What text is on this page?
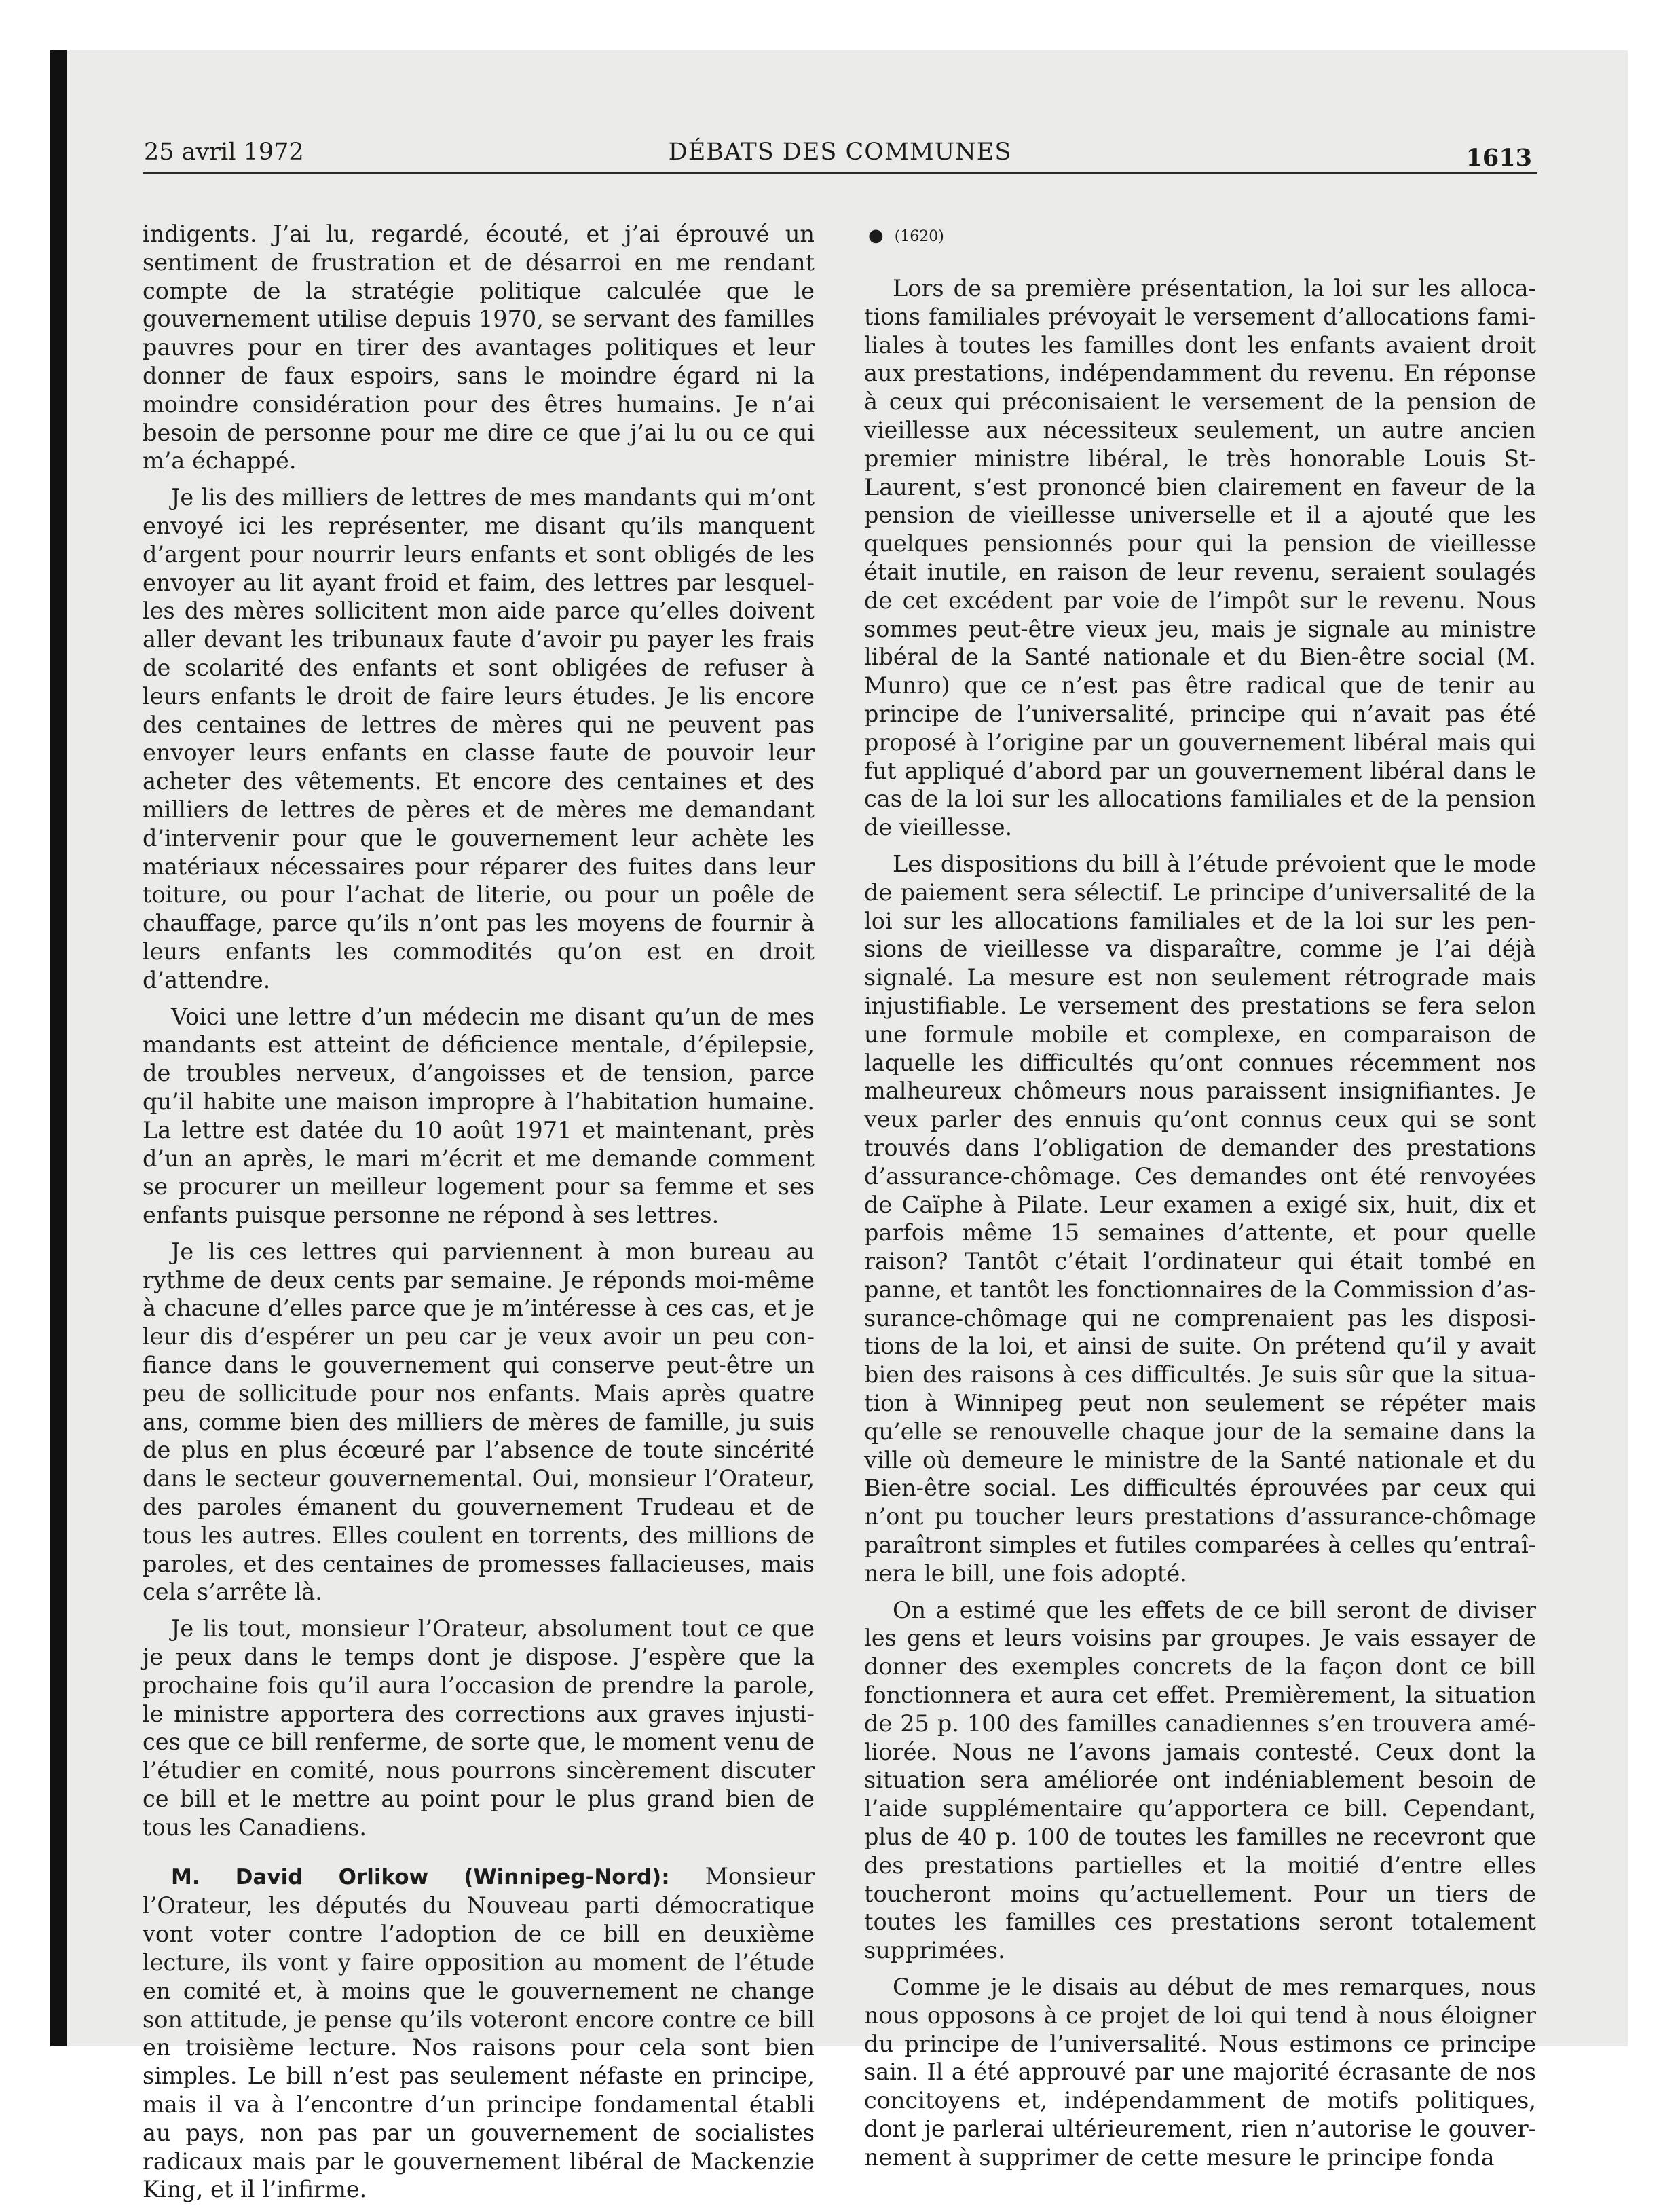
25 avril 1972	DÉBATS DES COMMUNES	1613

indigents. J’ai lu, regardé, écouté, et j’ai éprouvé un sentiment de frustration et de désarroi en me rendant compte de la stratégie politique calculée que le gouvernement utilise depuis 1970, se servant des familles pauvres pour en tirer des avantages politiques et leur donner de faux espoirs, sans le moindre égard ni la moindre considération pour des êtres humains. Je n’ai besoin de personne pour me dire ce que j’ai lu ou ce qui m’a échappé.

Je lis des milliers de lettres de mes mandants qui m’ont envoyé ici les représenter, me disant qu’ils manquent d’argent pour nourrir leurs enfants et sont obligés de les envoyer au lit ayant froid et faim, des lettres par lesquelles des mères sollicitent mon aide parce qu’elles doivent aller devant les tribunaux faute d’avoir pu payer les frais de scolarité des enfants et sont obligées de refuser à leurs enfants le droit de faire leurs études. Je lis encore des centaines de lettres de mères qui ne peuvent pas envoyer leurs enfants en classe faute de pouvoir leur acheter des vêtements. Et encore des centaines et des milliers de lettres de pères et de mères me demandant d’intervenir pour que le gouvernement leur achète les matériaux nécessaires pour réparer des fuites dans leur toiture, ou pour l’achat de literie, ou pour un poêle de chauffage, parce qu’ils n’ont pas les moyens de fournir à leurs enfants les commodités qu’on est en droit d’attendre.

Voici une lettre d’un médecin me disant qu’un de mes mandants est atteint de déficience mentale, d’épilepsie, de troubles nerveux, d’angoisses et de tension, parce qu’il habite une maison impropre à l’habitation humaine. La lettre est datée du 10 août 1971 et maintenant, près d’un an après, le mari m’écrit et me demande comment se procurer un meilleur logement pour sa femme et ses enfants puisque personne ne répond à ses lettres.

Je lis ces lettres qui parviennent à mon bureau au rythme de deux cents par semaine. Je réponds moi-même à chacune d’elles parce que je m’intéresse à ces cas, et je leur dis d’espérer un peu car je veux avoir un peu confiance dans le gouvernement qui conserve peut-être un peu de sollicitude pour nos enfants. Mais après quatre ans, comme bien des milliers de mères de famille, ju suis de plus en plus écœuré par l’absence de toute sincérité dans le secteur gouvernemental. Oui, monsieur l’Orateur, des paroles émanent du gouvernement Trudeau et de tous les autres. Elles coulent en torrents, des millions de paroles, et des centaines de promesses fallacieuses, mais cela s’arrête là.

Je lis tout, monsieur l’Orateur, absolument tout ce que je peux dans le temps dont je dispose. J’espère que la prochaine fois qu’il aura l’occasion de prendre la parole, le ministre apportera des corrections aux graves injustices que ce bill renferme, de sorte que, le moment venu de l’étudier en comité, nous pourrons sincèrement discuter ce bill et le mettre au point pour le plus grand bien de tous les Canadiens.

M. David Orlikow (Winnipeg-Nord): Monsieur l’Orateur, les députés du Nouveau parti démocratique vont voter contre l’adoption de ce bill en deuxième lecture, ils vont y faire opposition au moment de l’étude en comité et, à moins que le gouvernement ne change son attitude, je pense qu’ils voteront encore contre ce bill en troisième lecture. Nos raisons pour cela sont bien simples. Le bill n’est pas seulement néfaste en principe, mais il va à l’encontre d’un principe fondamental établi au pays, non pas par un gouvernement de socialistes radicaux mais par le gouvernement libéral de Mackenzie King, et il l’infirme.

● (1620)

Lors de sa première présentation, la loi sur les allocations familiales prévoyait le versement d’allocations familiales à toutes les familles dont les enfants avaient droit aux prestations, indépendamment du revenu. En réponse à ceux qui préconisaient le versement de la pension de vieillesse aux nécessiteux seulement, un autre ancien premier ministre libéral, le très honorable Louis St-Laurent, s’est prononcé bien clairement en faveur de la pension de vieillesse universelle et il a ajouté que les quelques pensionnés pour qui la pension de vieillesse était inutile, en raison de leur revenu, seraient soulagés de cet excédent par voie de l’impôt sur le revenu. Nous sommes peut-être vieux jeu, mais je signale au ministre libéral de la Santé nationale et du Bien-être social (M. Munro) que ce n’est pas être radical que de tenir au principe de l’universalité, principe qui n’avait pas été proposé à l’origine par un gouvernement libéral mais qui fut appliqué d’abord par un gouvernement libéral dans le cas de la loi sur les allocations familiales et de la pension de vieillesse.

Les dispositions du bill à l’étude prévoient que le mode de paiement sera sélectif. Le principe d’universalité de la loi sur les allocations familiales et de la loi sur les pensions de vieillesse va disparaître, comme je l’ai déjà signalé. La mesure est non seulement rétrograde mais injustifiable. Le versement des prestations se fera selon une formule mobile et complexe, en comparaison de laquelle les difficultés qu’ont connues récemment nos malheureux chômeurs nous paraissent insignifiantes. Je veux parler des ennuis qu’ont connus ceux qui se sont trouvés dans l’obligation de demander des prestations d’assurance-chômage. Ces demandes ont été renvoyées de Caïphe à Pilate. Leur examen a exigé six, huit, dix et parfois même 15 semaines d’attente, et pour quelle raison? Tantôt c’était l’ordinateur qui était tombé en panne, et tantôt les fonctionnaires de la Commission d’assurance-chômage qui ne comprenaient pas les dispositions de la loi, et ainsi de suite. On prétend qu’il y avait bien des raisons à ces difficultés. Je suis sûr que la situation à Winnipeg peut non seulement se répéter mais qu’elle se renouvelle chaque jour de la semaine dans la ville où demeure le ministre de la Santé nationale et du Bien-être social. Les difficultés éprouvées par ceux qui n’ont pu toucher leurs prestations d’assurance-chômage paraîtront simples et futiles comparées à celles qu’entraînera le bill, une fois adopté.

On a estimé que les effets de ce bill seront de diviser les gens et leurs voisins par groupes. Je vais essayer de donner des exemples concrets de la façon dont ce bill fonctionnera et aura cet effet. Premièrement, la situation de 25 p. 100 des familles canadiennes s’en trouvera améliorée. Nous ne l’avons jamais contesté. Ceux dont la situation sera améliorée ont indéniablement besoin de l’aide supplémentaire qu’apportera ce bill. Cependant, plus de 40 p. 100 de toutes les familles ne recevront que des prestations partielles et la moitié d’entre elles toucheront moins qu’actuellement. Pour un tiers de toutes les familles ces prestations seront totalement supprimées.

Comme je le disais au début de mes remarques, nous nous opposons à ce projet de loi qui tend à nous éloigner du principe de l’universalité. Nous estimons ce principe sain. Il a été approuvé par une majorité écrasante de nos concitoyens et, indépendamment de motifs politiques, dont je parlerai ultérieurement, rien n’autorise le gouvernement à supprimer de cette mesure le principe fonda
